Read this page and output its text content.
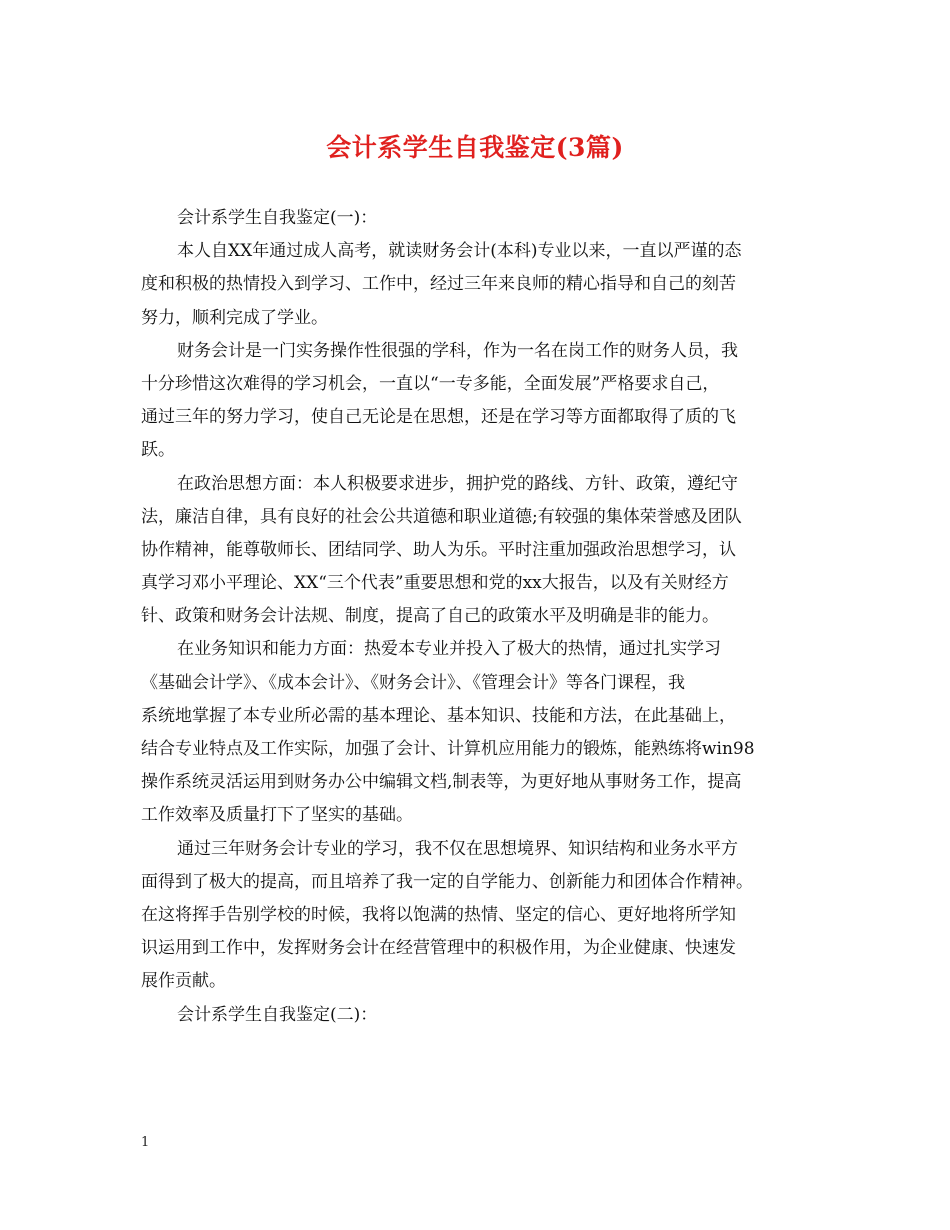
会计系学生自我鉴定(3篇)
会计系学生自我鉴定(一)：
本人自XX年通过成人高考，就读财务会计(本科)专业以来，一直以严谨的态
度和积极的热情投入到学习、工作中，经过三年来良师的精心指导和自己的刻苦
努力，顺利完成了学业。
财务会计是一门实务操作性很强的学科，作为一名在岗工作的财务人员，我
十分珍惜这次难得的学习机会，一直以“一专多能，全面发展”严格要求自己，
通过三年的努力学习，使自己无论是在思想，还是在学习等方面都取得了质的飞
跃。
在政治思想方面：本人积极要求进步，拥护党的路线、方针、政策，遵纪守
法，廉洁自律，具有良好的社会公共道德和职业道德;有较强的集体荣誉感及团队
协作精神，能尊敬师长、团结同学、助人为乐。平时注重加强政治思想学习，认
真学习邓小平理论、XX“三个代表”重要思想和党的xx大报告，以及有关财经方
针、政策和财务会计法规、制度，提高了自己的政策水平及明确是非的能力。
在业务知识和能力方面：热爱本专业并投入了极大的热情，通过扎实学习
《基础会计学》、《成本会计》、《财务会计》、《管理会计》等各门课程，我
系统地掌握了本专业所必需的基本理论、基本知识、技能和方法，在此基础上，
结合专业特点及工作实际，加强了会计、计算机应用能力的锻炼，能熟练将win98
操作系统灵活运用到财务办公中编辑文档,制表等，为更好地从事财务工作，提高
工作效率及质量打下了坚实的基础。
通过三年财务会计专业的学习，我不仅在思想境界、知识结构和业务水平方
面得到了极大的提高，而且培养了我一定的自学能力、创新能力和团体合作精神。
在这将挥手告别学校的时候，我将以饱满的热情、坚定的信心、更好地将所学知
识运用到工作中，发挥财务会计在经营管理中的积极作用，为企业健康、快速发
展作贡献。
会计系学生自我鉴定(二)：
1
